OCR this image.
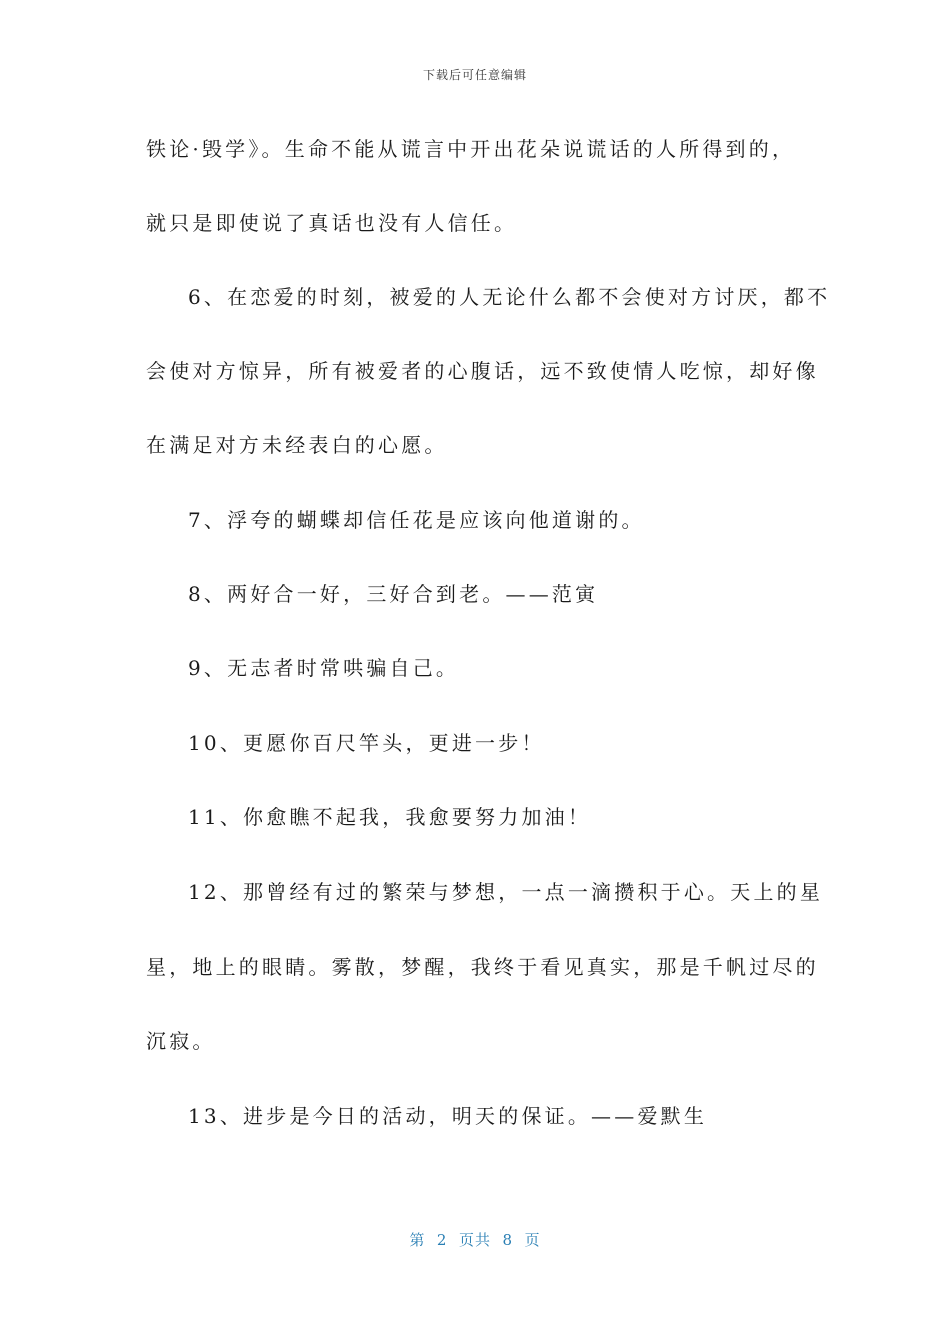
下载后可任意编辑
铁论·毁学》。生命不能从谎言中开出花朵说谎话的人所得到的，
就只是即使说了真话也没有人信任。
6、在恋爱的时刻，被爱的人无论什么都不会使对方讨厌，都不
会使对方惊异，所有被爱者的心腹话，远不致使情人吃惊，却好像
在满足对方未经表白的心愿。
7、浮夸的蝴蝶却信任花是应该向他道谢的。
8、两好合一好，三好合到老。——范寅
9、无志者时常哄骗自己。
10、更愿你百尺竿头，更进一步！
11、你愈瞧不起我，我愈要努力加油！
12、那曾经有过的繁荣与梦想，一点一滴攒积于心。天上的星
星，地上的眼睛。雾散，梦醒，我终于看见真实，那是千帆过尽的
沉寂。
13、进步是今日的活动，明天的保证。——爱默生
第  2  页共  8  页
